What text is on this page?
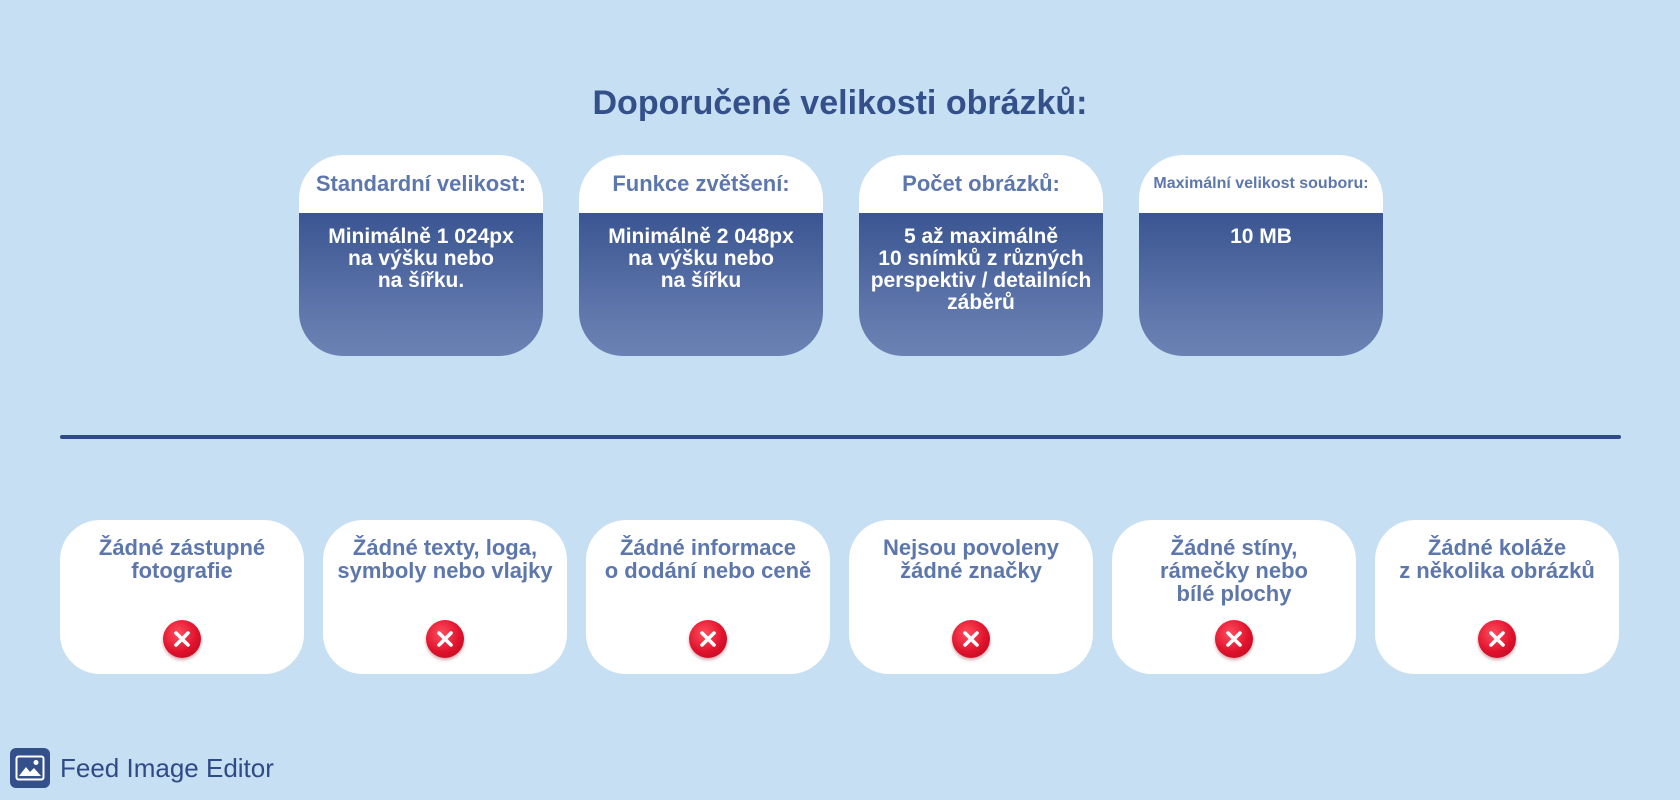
Doporučené velikosti obrázků:
Standardní velikost:
Minimálně 1 024px
na výšku nebo
na šířku.
Funkce zvětšení:
Minimálně 2 048px
na výšku nebo
na šířku
Počet obrázků:
5 až maximálně
10 snímků z různých
perspektiv / detailních
záběrů
Maximální velikost souboru:
10 MB
Žádné zástupné
fotografie
Žádné texty, loga,
symboly nebo vlajky
Žádné informace
o dodání nebo ceně
Nejsou povoleny
žádné značky
Žádné stíny,
rámečky nebo
bílé plochy
Žádné koláže
z několika obrázků
Feed Image Editor
